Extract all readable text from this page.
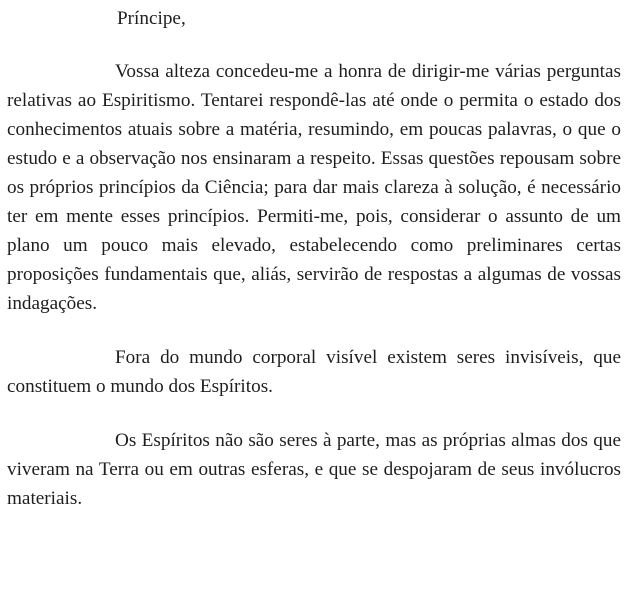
Príncipe,

Vossa alteza concedeu-me a honra de dirigir-me várias perguntas relativas ao Espiritismo. Tentarei respondê-las até onde o permita o estado dos conhecimentos atuais sobre a matéria, resumindo, em poucas palavras, o que o estudo e a observação nos ensinaram a respeito. Essas questões repousam sobre os próprios princípios da Ciência; para dar mais clareza à solução, é necessário ter em mente esses princípios. Permiti-me, pois, considerar o assunto de um plano um pouco mais elevado, estabelecendo como preliminares certas proposições fundamentais que, aliás, servirão de respostas a algumas de vossas indagações.

Fora do mundo corporal visível existem seres invisíveis, que constituem o mundo dos Espíritos.

Os Espíritos não são seres à parte, mas as próprias almas dos que viveram na Terra ou em outras esferas, e que se despojaram de seus invólucros materiais.
